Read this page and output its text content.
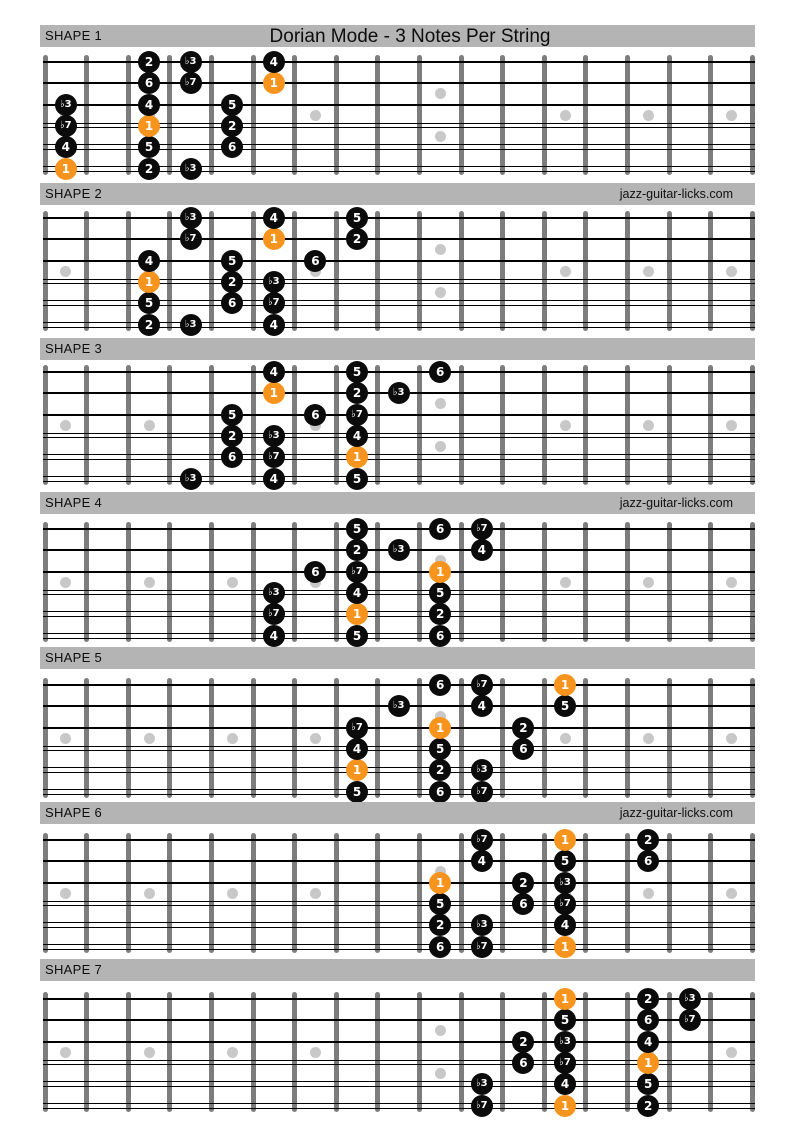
SHAPE 1	Dorian Mode - 3 Notes Per String
1	2	♭3
4	5	6
♭7	1	2
♭3	4	5
6	♭7	1
2	♭3	4
SHAPE 2	jazz-guitar-licks.com
2	♭3	4
5	6	♭7
1	2	♭3
4	5	6
♭7	1	2
♭3	4	5
SHAPE 3
♭3	4	5
6	♭7	1
2	♭3	4
5	6	♭7
1	2	♭3
4	5	6
SHAPE 4	jazz-guitar-licks.com
4	5	6
♭7	1	2
♭3	4	5
6	♭7	1
2	♭3	4
5	6	♭7
SHAPE 5
5	6	♭7
1	2	♭3
4	5	6
♭7	1	2
♭3	4	5
6	♭7	1
SHAPE 6	jazz-guitar-licks.com
6	♭7	1
2	♭3	4
5	6	♭7
1	2	♭3
4	5	6
♭7	1	2
SHAPE 7
♭7	1	2
♭3	4	5
6	♭7	1
2	♭3	4
5	6	♭7
1	2	♭3
